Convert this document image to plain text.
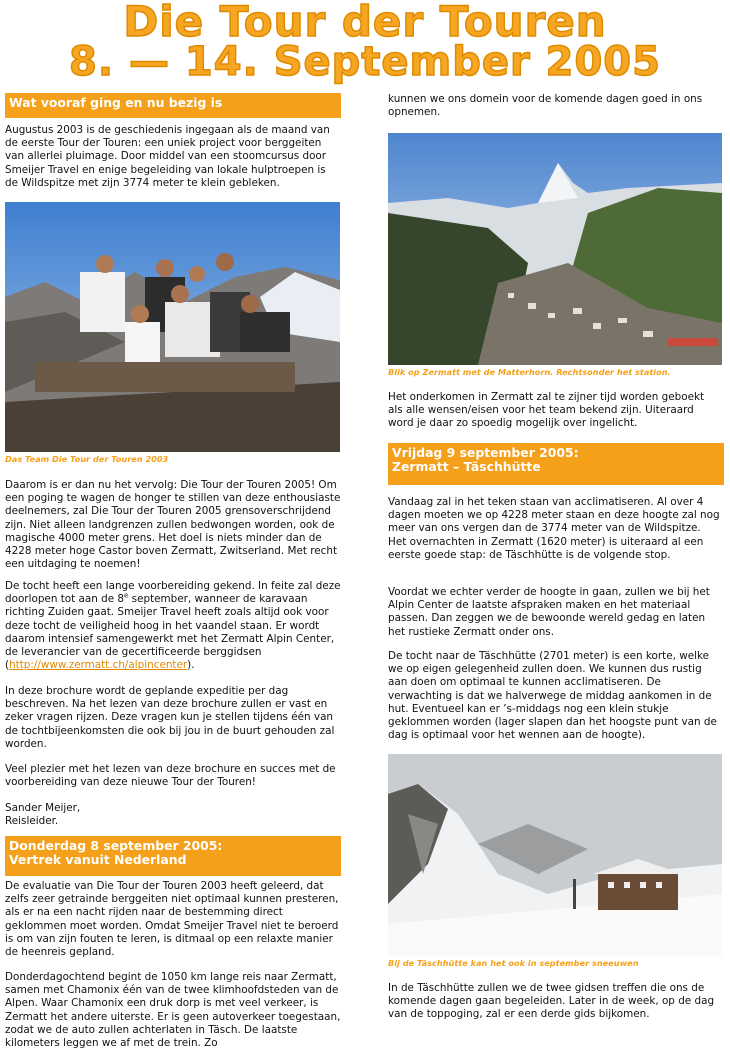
Die Tour der Touren
8. — 14. September 2005
Wat vooraf ging en nu bezig is

Augustus 2003 is de geschiedenis ingegaan als de maand van de eerste Tour der Touren: een uniek project voor berggeiten van allerlei pluimage. Door middel van een stoomcursus door Smeijer Travel en enige begeleiding van lokale hulptroepen is de Wildspitze met zijn 3774 meter te klein gebleken.

Das Team Die Tour der Touren 2003

Daarom is er dan nu het vervolg: Die Tour der Touren 2005! Om een poging te wagen de honger te stillen van deze enthousiaste deelnemers, zal Die Tour der Touren 2005 grensoverschrijdend zijn. Niet alleen landgrenzen zullen bedwongen worden, ook de magische 4000 meter grens. Het doel is niets minder dan de 4228 meter hoge Castor boven Zermatt, Zwitserland. Met recht een uitdaging te noemen!

De tocht heeft een lange voorbereiding gekend. In feite zal deze doorlopen tot aan de 8e september, wanneer de karavaan richting Zuiden gaat. Smeijer Travel heeft zoals altijd ook voor deze tocht de veiligheid hoog in het vaandel staan. Er wordt daarom intensief samengewerkt met het Zermatt Alpin Center, de leverancier van de gecertificeerde berggidsen (http://www.zermatt.ch/alpincenter).

In deze brochure wordt de geplande expeditie per dag beschreven. Na het lezen van deze brochure zullen er vast en zeker vragen rijzen. Deze vragen kun je stellen tijdens één van de tochtbijeenkomsten die ook bij jou in de buurt gehouden zal worden.

Veel plezier met het lezen van deze brochure en succes met de voorbereiding van deze nieuwe Tour der Touren!

Sander Meijer,

Reisleider.

Donderdag 8 september 2005:
Vertrek vanuit Nederland

De evaluatie van Die Tour der Touren 2003 heeft geleerd, dat zelfs zeer getrainde berggeiten niet optimaal kunnen presteren, als er na een nacht rijden naar de bestemming direct geklommen moet worden. Omdat Smeijer Travel niet te beroerd is om van zijn fouten te leren, is ditmaal op een relaxte manier de heenreis gepland.

Donderdagochtend begint de 1050 km lange reis naar Zermatt, samen met Chamonix één van de twee klimhoofdsteden van de Alpen. Waar Chamonix een druk dorp is met veel verkeer, is Zermatt het andere uiterste. Er is geen autoverkeer toegestaan, zodat we de auto zullen achterlaten in Täsch. De laatste kilometers leggen we af met de trein. Zo

kunnen we ons domein voor de komende dagen goed in ons opnemen.

Blik op Zermatt met de Matterhorn. Rechtsonder het station.

Het onderkomen in Zermatt zal te zijner tijd worden geboekt als alle wensen/eisen voor het team bekend zijn. Uiteraard word je daar zo spoedig mogelijk over ingelicht.

Vrijdag 9 september 2005:
Zermatt – Täschhütte

Vandaag zal in het teken staan van acclimatiseren. Al over 4 dagen moeten we op 4228 meter staan en deze hoogte zal nog meer van ons vergen dan de 3774 meter van de Wildspitze. Het overnachten in Zermatt (1620 meter) is uiteraard al een eerste goede stap: de Täschhütte is de volgende stop.

Voordat we echter verder de hoogte in gaan, zullen we bij het Alpin Center de laatste afspraken maken en het materiaal passen. Dan zeggen we de bewoonde wereld gedag en laten het rustieke Zermatt onder ons.

De tocht naar de Täschhütte (2701 meter) is een korte, welke we op eigen gelegenheid zullen doen. We kunnen dus rustig aan doen om optimaal te kunnen acclimatiseren. De verwachting is dat we halverwege de middag aankomen in de hut. Eventueel kan er ’s-middags nog een klein stukje geklommen worden (lager slapen dan het hoogste punt van de dag is optimaal voor het wennen aan de hoogte).

Bij de Täschhütte kan het ook in september sneeuwen

In de Täschhütte zullen we de twee gidsen treffen die ons de komende dagen gaan begeleiden. Later in de week, op de dag van de toppoging, zal er een derde gids bijkomen.
